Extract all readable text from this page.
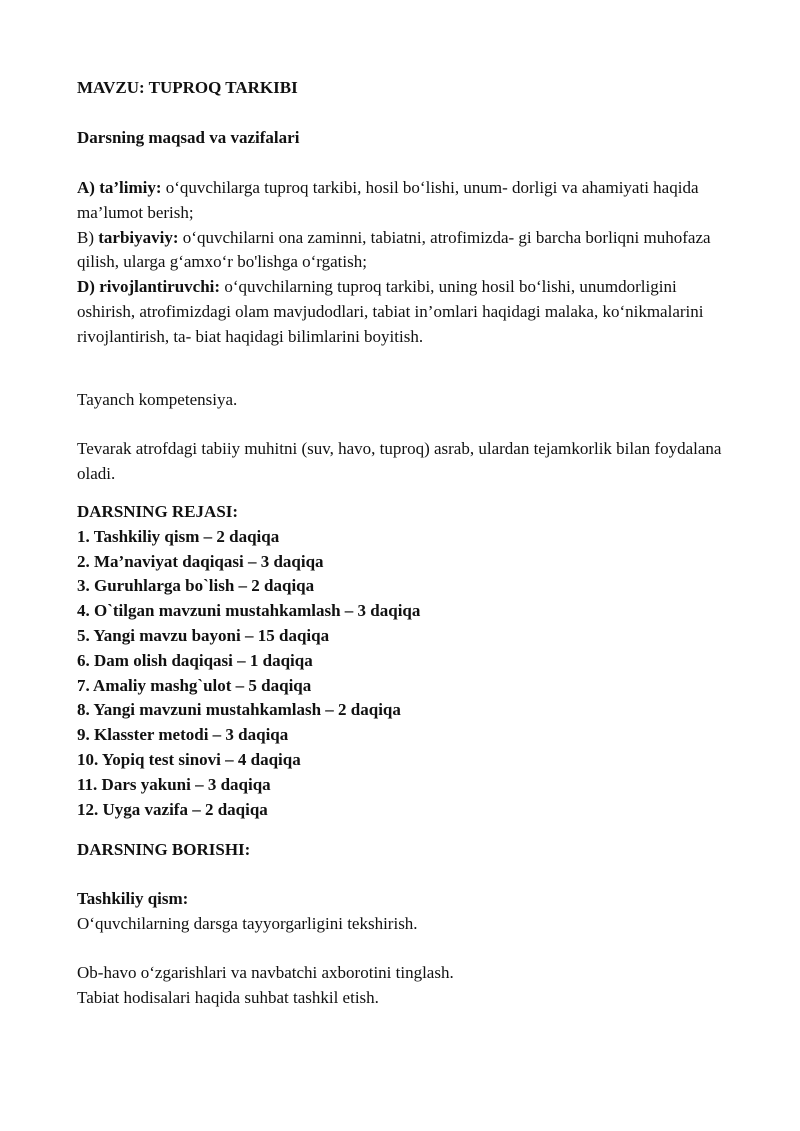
MAVZU: TUPROQ TARKIBI
Darsning maqsad va vazifalari

A) ta’limiy: o‘quvchilarga tuproq tarkibi, hosil bo‘lishi, unum- dorligi va ahamiyati haqida ma’lumot berish;

B) tarbiyaviy: o‘quvchilarni ona zaminni, tabiatni, atrofimizda- gi barcha borliqni muhofaza qilish, ularga g‘amxo‘r bo'lishga o‘rgatish;

D) rivojlantiruvchi: o‘quvchilarning tuproq tarkibi, uning hosil bo‘lishi, unumdorligini oshirish, atrofimizdagi olam mavjudodlari, tabiat in’omlari haqidagi malaka, ko‘nikmalarini rivojlantirish, ta- biat haqidagi bilimlarini boyitish.

Tayanch kompetensiya.

Tevarak atrofdagi tabiiy muhitni (suv, havo, tuproq) asrab, ulardan tejamkorlik bilan foydalana oladi.

DARSNING REJASI:
1. Tashkiliy qism – 2 daqiqa
2. Ma’naviyat daqiqasi – 3 daqiqa
3. Guruhlarga bo`lish – 2 daqiqa
4. O`tilgan mavzuni mustahkamlash – 3 daqiqa
5. Yangi mavzu bayoni – 15 daqiqa
6. Dam olish daqiqasi – 1 daqiqa
7. Amaliy mashg`ulot – 5 daqiqa
8. Yangi mavzuni mustahkamlash – 2 daqiqa
9. Klasster metodi – 3 daqiqa
10. Yopiq test sinovi – 4 daqiqa
11. Dars yakuni – 3 daqiqa
12. Uyga vazifa – 2 daqiqa
DARSNING BORISHI:

Tashkiliy qism:

O‘quvchilarning darsga tayyorgarligini tekshirish.

Ob-havo o‘zgarishlari va navbatchi axborotini tinglash.

Tabiat hodisalari haqida suhbat tashkil etish.
